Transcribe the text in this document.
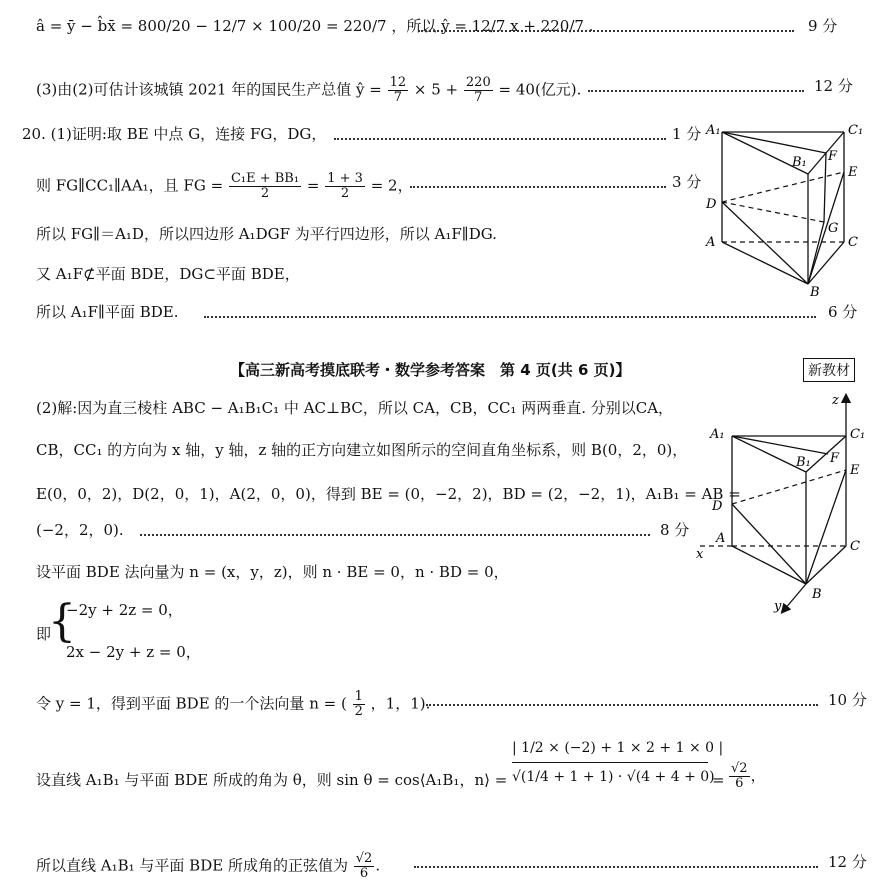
â = ȳ − b̂x̄ = 800/20 − 12/7 × 100/20 = 220/7 ，所以 ŷ = 12/7 x + 220/7 .	9 分
(3)由(2)可估计该城镇 2021 年的国民生产总值 ŷ = $\frac{12}{7} \times 5 + \frac{220}{7} = 40$(亿元).	12 分
20. (1)证明:取 BE 中点 G，连接 FG，DG，	1 分
则 FG∥CC₁∥AA₁，且 FG = $\frac{\text{C₁E + BB₁}}{2} = \frac{1 + 3}{2} = 2$，	3 分
所以 FG∥＝A₁D，所以四边形 A₁DGF 为平行四边形，所以 A₁F∥DG.
又 A₁F⊄平面 BDE，DG⊂平面 BDE，
所以 A₁F∥平面 BDE.	6 分
A₁	C₁
B₁ F
E
D
G
A	C
B
【高三新高考摸底联考・数学参考答案　第 4 页(共 6 页)】	新教材
(2)解:因为直三棱柱 ABC − A₁B₁C₁ 中 AC⊥BC，所以 CA，CB，CC₁ 两两垂直. 分别以CA，
CB，CC₁ 的方向为 x 轴，y 轴，z 轴的正方向建立如图所示的空间直角坐标系，则 B(0，2，0)，
E(0，0，2)，D(2，0，1)，A(2，0，0)，得到 BE = (0，−2，2)，BD = (2，−2，1)，A₁B₁ = AB =
(−2，2，0).	8 分
设平面 BDE 法向量为 n = (x，y，z)，则 n · BE = 0，n · BD = 0，
即
{
−2y + 2z = 0，
2x − 2y + z = 0，
z
A₁	C₁
B₁ F
E
D
A
C
x
y
B
令 y = 1，得到平面 BDE 的一个法向量 n = ( $\frac{1}{2}$ ，1，1).	10 分
设直线 A₁B₁ 与平面 BDE 所成的角为 θ，则 sin θ = cos⟨A₁B₁，n⟩ =
| 1/2 × (−2) + 1 × 2 + 1 × 0 |
√(1/4 + 1 + 1) · √(4 + 4 + 0)
= $\frac{√2}{6}$ ，
所以直线 A₁B₁ 与平面 BDE 所成角的正弦值为 $\frac{√2}{6}$ .	12 分
